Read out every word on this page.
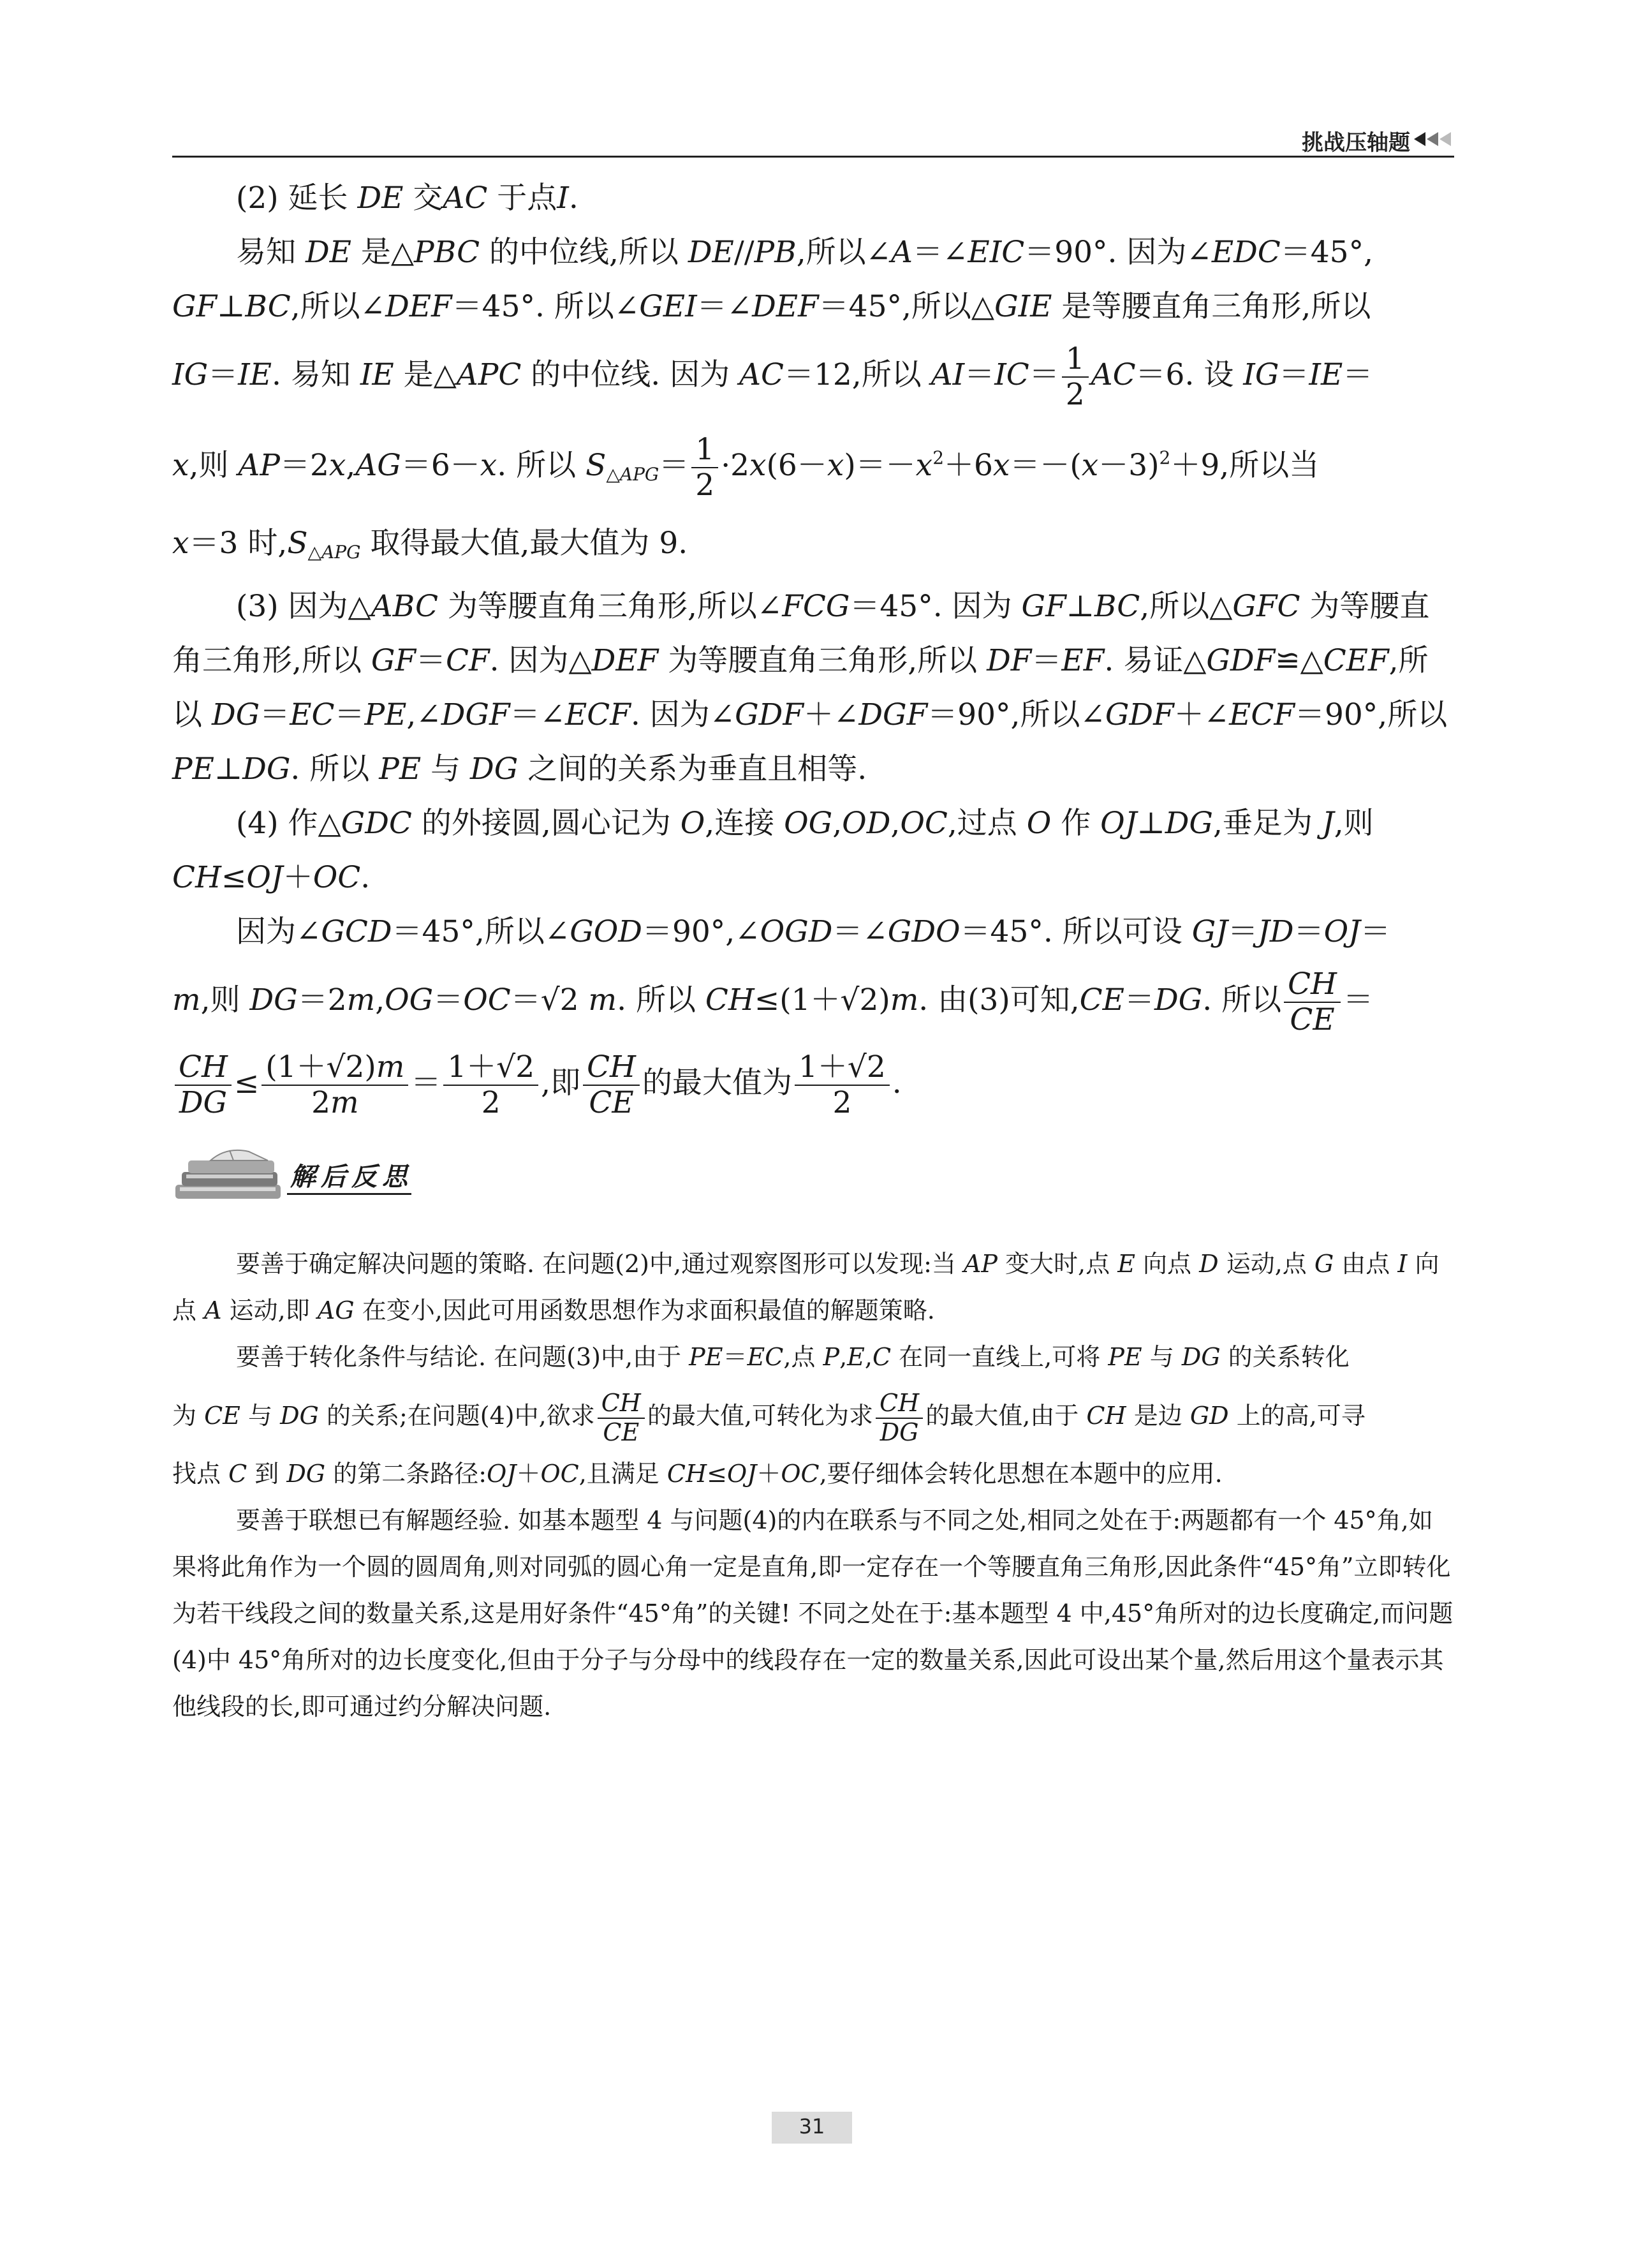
挑战压轴题

(2) 延长 DE 交AC 于点I.

易知 DE 是△PBC 的中位线,所以 DE//PB,所以∠A＝∠EIC＝90°. 因为∠EDC＝45°, GF⊥BC,所以∠DEF＝45°. 所以∠GEI＝∠DEF＝45°,所以△GIE 是等腰直角三角形,所以

IG＝IE. 易知 IE 是△APC 的中位线. 因为 AC＝12,所以 $AI=IC= \frac{1}{2} AC=6$. 设 IG＝IE＝

x,则 AP＝2x,AG＝6－x. 所以 $S_{\triangle APG}= \frac{1}{2} \cdot 2x(6-x)=-x^2+6x=-(x-3)^2+9$,所以当

x＝3 时$,S_{\triangle APG}$ 取得最大值,最大值为 9.

(3) 因为△ABC 为等腰直角三角形,所以∠FCG＝45°. 因为 GF⊥BC,所以△GFC 为等腰直角三角形,所以 GF＝CF. 因为△DEF 为等腰直角三角形,所以 DF＝EF. 易证△GDF≌△CEF,所以 DG＝EC＝PE,∠DGF＝∠ECF. 因为∠GDF＋∠DGF＝90°,所以∠GDF＋∠ECF＝90°,所以 PE⊥DG. 所以 PE 与 DG 之间的关系为垂直且相等.

(4) 作△GDC 的外接圆,圆心记为 O,连接 OG,OD,OC,过点 O 作 OJ⊥DG,垂足为 J,则 CH≤OJ＋OC.

因为∠GCD＝45°,所以∠GOD＝90°,∠OGD＝∠GDO＝45°. 所以可设 GJ＝JD＝OJ＝

m,则 DG＝2m,OG＝OC＝√2 m. 所以 CH≤(1＋√2)m. 由(3)可知,CE＝DG. 所以 $\frac{CH}{CE}$ ＝

$\frac{CH}{DG} \le \frac{(1+√2)m}{2m} = \frac{1+√2}{2}$ ,即 $\frac{CH}{CE}$ 的最大值为 $\frac{1+√2}{2}$ .

解后反思

要善于确定解决问题的策略. 在问题(2)中,通过观察图形可以发现:当 AP 变大时,点 E 向点 D 运动,点 G 由点 I 向点 A 运动,即 AG 在变小,因此可用函数思想作为求面积最值的解题策略.

要善于转化条件与结论. 在问题(3)中,由于 PE＝EC,点 P,E,C 在同一直线上,可将 PE 与 DG 的关系转化

为 CE 与 DG 的关系;在问题(4)中,欲求 $\frac{CH}{CE}$ 的最大值,可转化为求 $\frac{CH}{DG}$ 的最大值,由于 CH 是边 GD 上的高,可寻

找点 C 到 DG 的第二条路径:OJ＋OC,且满足 CH≤OJ＋OC,要仔细体会转化思想在本题中的应用.

要善于联想已有解题经验. 如基本题型 4 与问题(4)的内在联系与不同之处,相同之处在于:两题都有一个 45°角,如果将此角作为一个圆的圆周角,则对同弧的圆心角一定是直角,即一定存在一个等腰直角三角形,因此条件“45°角”立即转化为若干线段之间的数量关系,这是用好条件“45°角”的关键! 不同之处在于:基本题型 4 中,45°角所对的边长度确定,而问题(4)中 45°角所对的边长度变化,但由于分子与分母中的线段存在一定的数量关系,因此可设出某个量,然后用这个量表示其他线段的长,即可通过约分解决问题.

31
